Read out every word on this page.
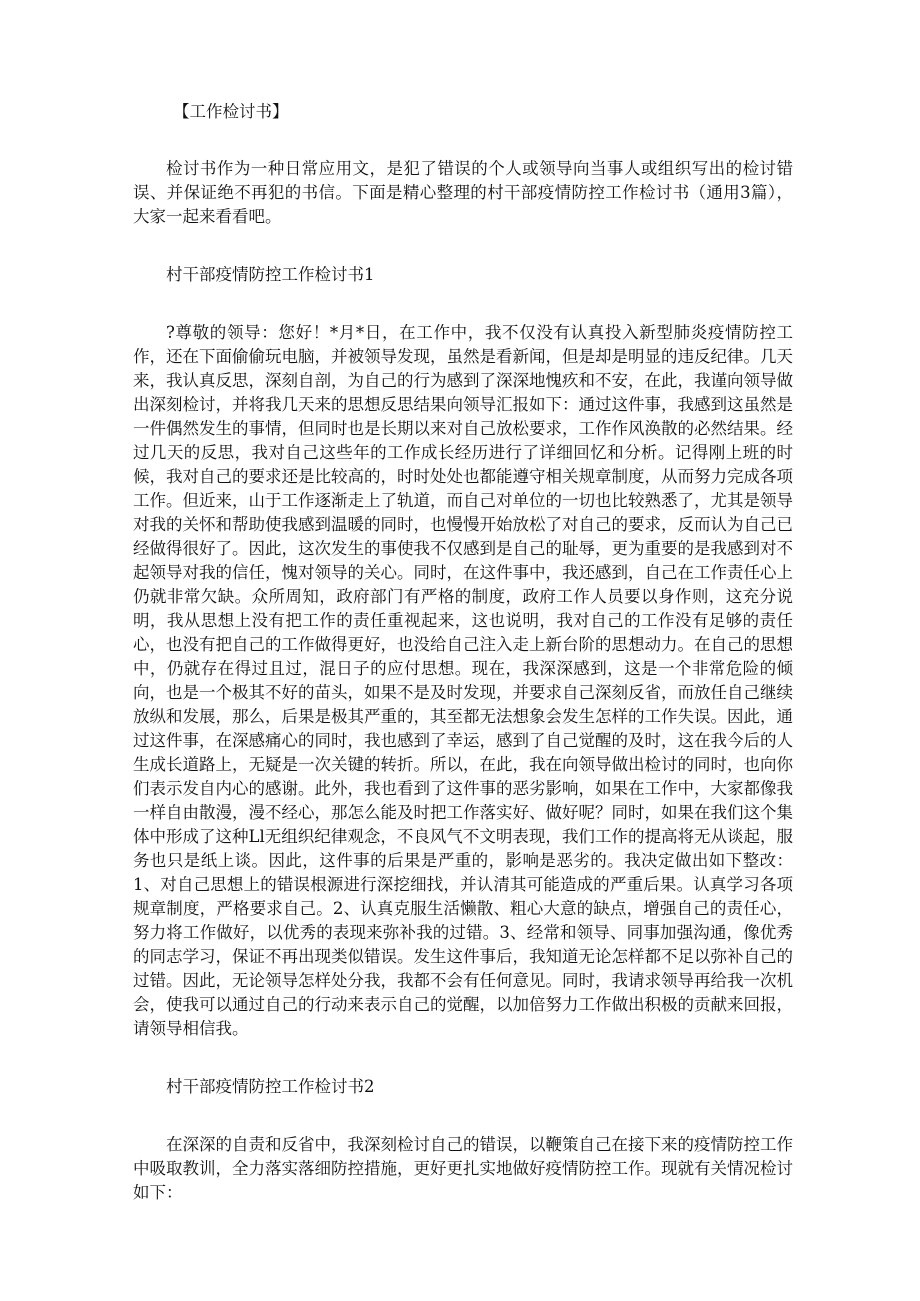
【工作检讨书】

检讨书作为一种日常应用文，是犯了错误的个人或领导向当事人或组织写出的检讨错误、并保证绝不再犯的书信。下面是精心整理的村干部疫情防控工作检讨书（通用3篇），大家一起来看看吧。

村干部疫情防控工作检讨书1

?尊敬的领导：您好！*月*日，在工作中，我不仅没有认真投入新型肺炎疫情防控工作，还在下面偷偷玩电脑，并被领导发现，虽然是看新闻，但是却是明显的违反纪律。几天来，我认真反思，深刻自剖，为自己的行为感到了深深地愧疚和不安，在此，我谨向领导做出深刻检讨，并将我几天来的思想反思结果向领导汇报如下：通过这件事，我感到这虽然是一件偶然发生的事情，但同时也是长期以来对自己放松要求，工作作风涣散的必然结果。经过几天的反思，我对自己这些年的工作成长经历进行了详细回忆和分析。记得刚上班的时候，我对自己的要求还是比较高的，时时处处也都能遵守相关规章制度，从而努力完成各项工作。但近来，山于工作逐渐走上了轨道，而自己对单位的一切也比较熟悉了，尤其是领导对我的关怀和帮助使我感到温暖的同时，也慢慢开始放松了对自己的要求，反而认为自己已经做得很好了。因此，这次发生的事使我不仅感到是自己的耻辱，更为重要的是我感到对不起领导对我的信任，愧对领导的关心。同时，在这件事中，我还感到，自己在工作责任心上仍就非常欠缺。众所周知，政府部门有严格的制度，政府工作人员要以身作则，这充分说明，我从思想上没有把工作的责任重视起来，这也说明，我对自己的工作没有足够的责任心，也没有把自己的工作做得更好，也没给自己注入走上新台阶的思想动力。在自己的思想中，仍就存在得过且过，混日子的应付思想。现在，我深深感到，这是一个非常危险的倾向，也是一个极其不好的苗头，如果不是及时发现，并要求自己深刻反省，而放任自己继续放纵和发展，那么，后果是极其严重的，其至都无法想象会发生怎样的工作失误。因此，通过这件事，在深感痛心的同时，我也感到了幸运，感到了自己觉醒的及时，这在我今后的人生成长道路上，无疑是一次关键的转折。所以，在此，我在向领导做出检讨的同时，也向你们表示发自内心的感谢。此外，我也看到了这件事的恶劣影响，如果在工作中，大家都像我一样自由散漫，漫不经心，那怎么能及时把工作落实好、做好呢？同时，如果在我们这个集体中形成了这种Ll无组织纪律观念，不良风气不文明表现，我们工作的提高将无从谈起，服务也只是纸上谈。因此，这件事的后果是严重的，影响是恶劣的。我决定做出如下整改：1、对自己思想上的错误根源进行深挖细找，并认清其可能造成的严重后果。认真学习各项规章制度，严格要求自己。2、认真克服生活懒散、粗心大意的缺点，增强自己的责任心，努力将工作做好，以优秀的表现来弥补我的过错。3、经常和领导、同事加强沟通，像优秀的同志学习，保证不再出现类似错误。发生这件事后，我知道无论怎样都不足以弥补自己的过错。因此，无论领导怎样处分我，我都不会有任何意见。同时，我请求领导再给我一次机会，使我可以通过自己的行动来表示自己的觉醒，以加倍努力工作做出积极的贡献来回报，请领导相信我。

村干部疫情防控工作检讨书2

在深深的自责和反省中，我深刻检讨自己的错误，以鞭策自己在接下来的疫情防控工作中吸取教训，全力落实落细防控措施，更好更扎实地做好疫情防控工作。现就有关情况检讨如下：
